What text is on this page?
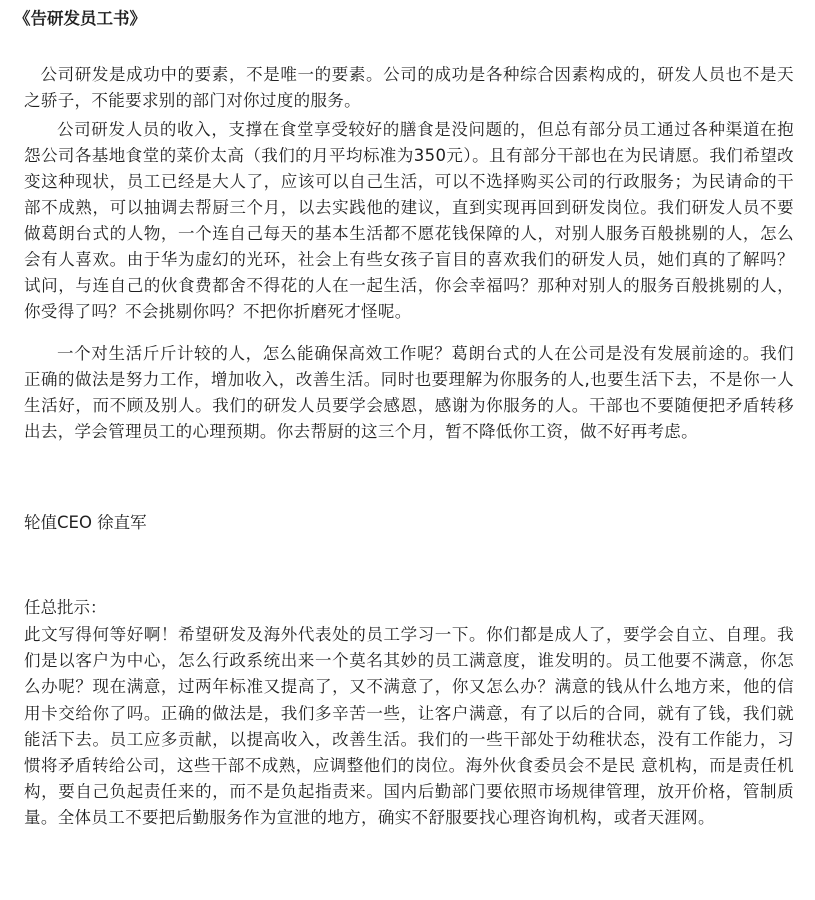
《告研发员工书》

公司研发是成功中的要素，不是唯一的要素。公司的成功是各种综合因素构成的，研发人员也不是天之骄子，不能要求别的部门对你过度的服务。

公司研发人员的收入，支撑在食堂享受较好的膳食是没问题的，但总有部分员工通过各种渠道在抱怨公司各基地食堂的菜价太高（我们的月平均标准为350元）。且有部分干部也在为民请愿。我们希望改变这种现状，员工已经是大人了，应该可以自己生活，可以不选择购买公司的行政服务；为民请命的干部不成熟，可以抽调去帮厨三个月，以去实践他的建议，直到实现再回到研发岗位。我们研发人员不要做葛朗台式的人物，一个连自己每天的基本生活都不愿花钱保障的人，对别人服务百般挑剔的人，怎么会有人喜欢。由于华为虚幻的光环，社会上有些女孩子盲目的喜欢我们的研发人员，她们真的了解吗？试问，与连自己的伙食费都舍不得花的人在一起生活，你会幸福吗？那种对别人的服务百般挑剔的人，你受得了吗？不会挑剔你吗？不把你折磨死才怪呢。

一个对生活斤斤计较的人，怎么能确保高效工作呢？葛朗台式的人在公司是没有发展前途的。我们正确的做法是努力工作，增加收入，改善生活。同时也要理解为你服务的人,也要生活下去，不是你一人生活好，而不顾及别人。我们的研发人员要学会感恩，感谢为你服务的人。干部也不要随便把矛盾转移出去，学会管理员工的心理预期。你去帮厨的这三个月，暂不降低你工资，做不好再考虑。

轮值CEO 徐直军

任总批示：

此文写得何等好啊！希望研发及海外代表处的员工学习一下。你们都是成人了，要学会自立、自理。我们是以客户为中心，怎么行政系统出来一个莫名其妙的员工满意度，谁发明的。员工他要不满意，你怎么办呢？现在满意，过两年标准又提高了，又不满意了，你又怎么办？满意的钱从什么地方来，他的信用卡交给你了吗。正确的做法是，我们多辛苦一些，让客户满意，有了以后的合同，就有了钱，我们就能活下去。员工应多贡献，以提高收入，改善生活。我们的一些干部处于幼稚状态，没有工作能力，习惯将矛盾转给公司，这些干部不成熟，应调整他们的岗位。海外伙食委员会不是民 意机构，而是责任机构，要自己负起责任来的，而不是负起指责来。国内后勤部门要依照市场规律管理，放开价格，管制质量。全体员工不要把后勤服务作为宣泄的地方，确实不舒服要找心理咨询机构，或者天涯网。
